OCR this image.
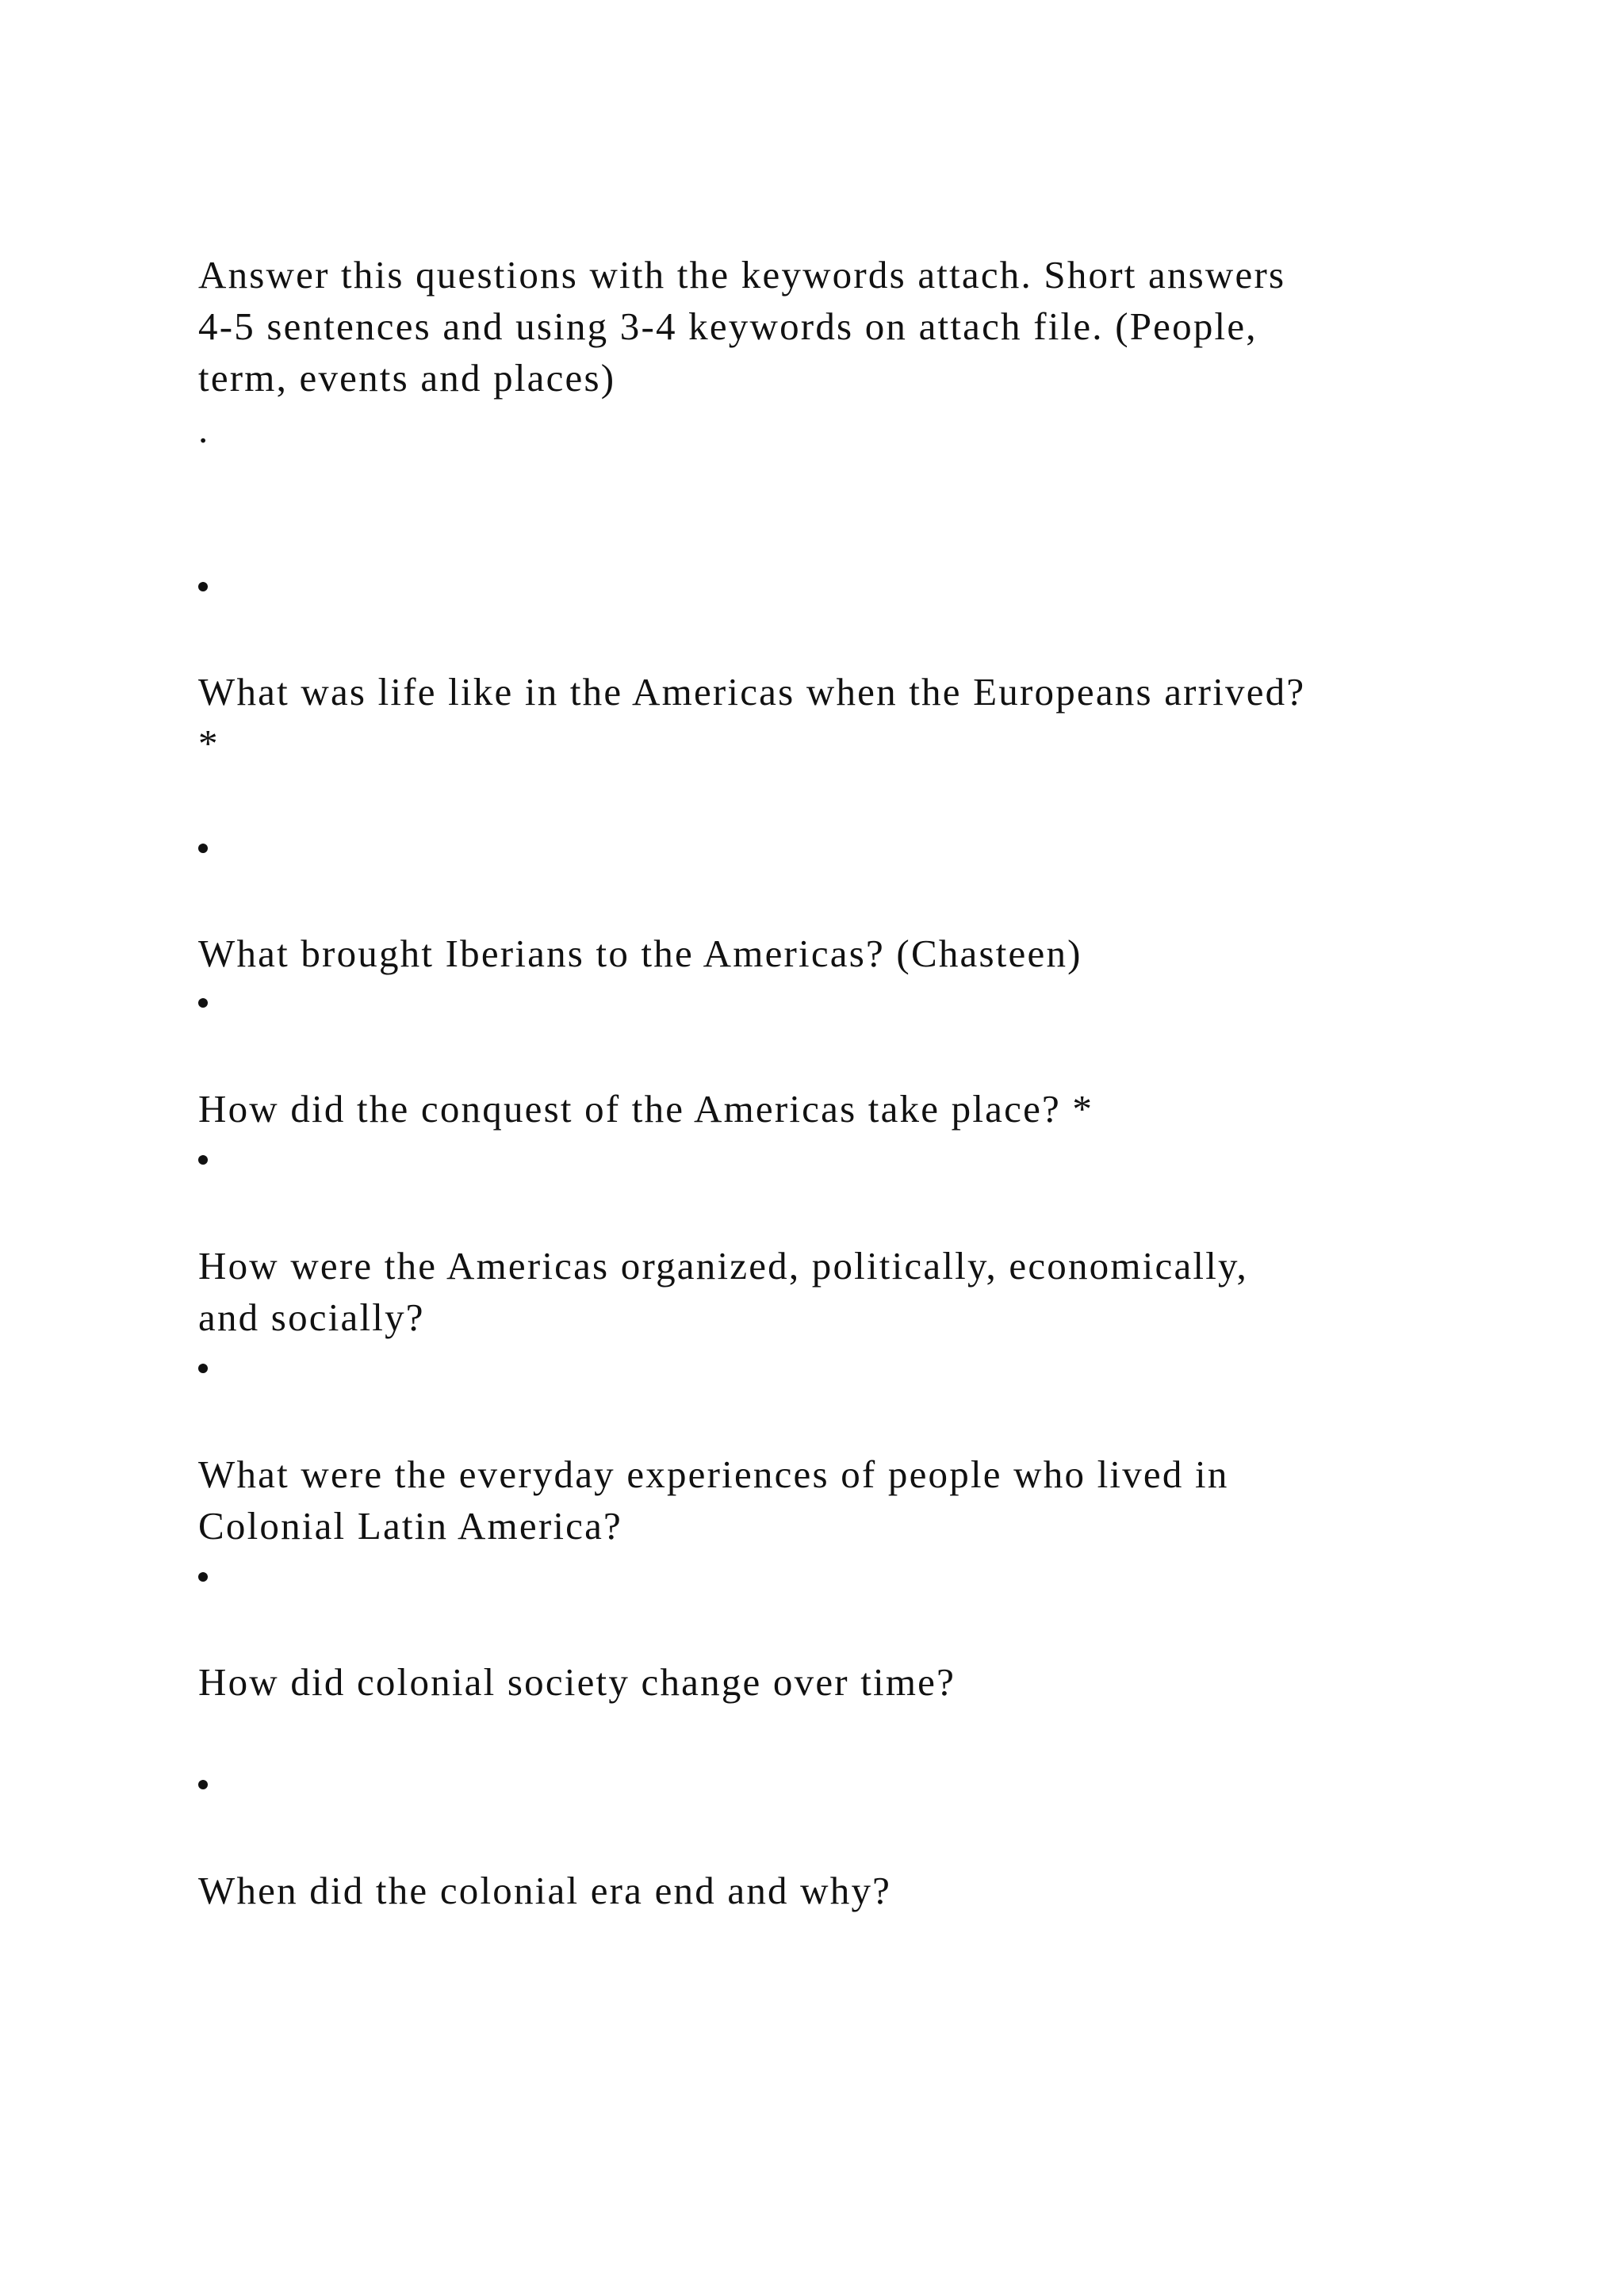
Answer this questions with the keywords attach. Short answers
4-5 sentences and using 3-4 keywords on attach file. (People,
term, events and places)
.
What was life like in the Americas when the Europeans arrived?
*
What brought Iberians to the Americas? (Chasteen)
How did the conquest of the Americas take place? *
How were the Americas organized, politically, economically,
and socially?
What were the everyday experiences of people who lived in
Colonial Latin America?
How did colonial society change over time?
When did the colonial era end and why?
